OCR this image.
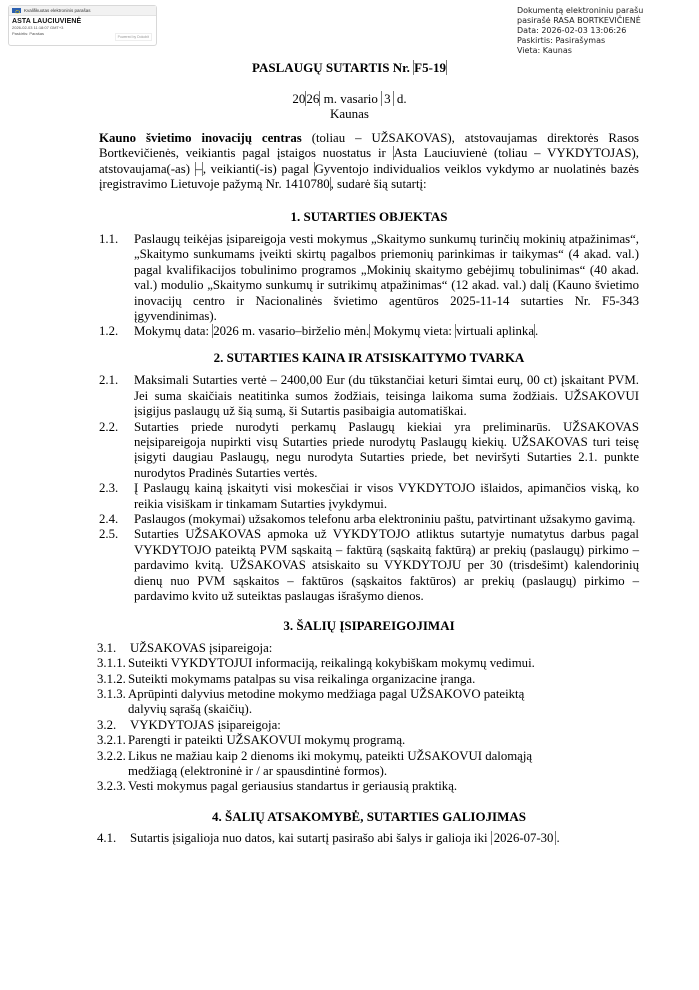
Kvalifikuotas elektroninis parašas
ASTA LAUCIUVIENĖ
2026-02-03 11:18:07 GMT+3
Paskirtis: Parašas
Powered by Dokobit
Dokumentą elektroniniu parašu
pasirašė RASA BORTKEVIČIENĖ
Data: 2026-02-03 13:06:26
Paskirtis: Pasirašymas
Vieta: Kaunas
PASLAUGŲ SUTARTIS Nr. F5-19
2026 m. vasario 3 d.
Kaunas
Kauno švietimo inovacijų centras (toliau – UŽSAKOVAS), atstovaujamas direktorės Rasos Bortkevičienės, veikiantis pagal įstaigos nuostatus ir Asta Lauciuvienė (toliau – VYKDYTOJAS), atstovaujama(-as) –, veikianti(-is) pagal Gyventojo individualios veiklos vykdymo ar nuolatinės bazės įregistravimo Lietuvoje pažymą Nr. 1410780, sudarė šią sutartį:
1. SUTARTIES OBJEKTAS
1.1. Paslaugų teikėjas įsipareigoja vesti mokymus „Skaitymo sunkumų turinčių mokinių atpažinimas“, „Skaitymo sunkumams įveikti skirtų pagalbos priemonių parinkimas ir taikymas“ (4 akad. val.) pagal kvalifikacijos tobulinimo programos „Mokinių skaitymo gebėjimų tobulinimas“ (40 akad. val.) modulio „Skaitymo sunkumų ir sutrikimų atpažinimas“ (12 akad. val.) dalį (Kauno švietimo inovacijų centro ir Nacionalinės švietimo agentūros 2025-11-14 sutarties Nr. F5-343 įgyvendinimas).
1.2. Mokymų data: 2026 m. vasario–birželio mėn. Mokymų vieta: virtuali aplinka.
2. SUTARTIES KAINA IR ATSISKAITYMO TVARKA
2.1. Maksimali Sutarties vertė – 2400,00 Eur (du tūkstančiai keturi šimtai eurų, 00 ct) įskaitant PVM. Jei suma skaičiais neatitinka sumos žodžiais, teisinga laikoma suma žodžiais. UŽSAKOVUI įsigijus paslaugų už šią sumą, ši Sutartis pasibaigia automatiškai.
2.2. Sutarties priede nurodyti perkamų Paslaugų kiekiai yra preliminarūs. UŽSAKOVAS neįsipareigoja nupirkti visų Sutarties priede nurodytų Paslaugų kiekių. UŽSAKOVAS turi teisę įsigyti daugiau Paslaugų, negu nurodyta Sutarties priede, bet neviršyti Sutarties 2.1. punkte nurodytos Pradinės Sutarties vertės.
2.3. Į Paslaugų kainą įskaityti visi mokesčiai ir visos VYKDYTOJO išlaidos, apimančios viską, ko reikia visiškam ir tinkamam Sutarties įvykdymui.
2.4. Paslaugos (mokymai) užsakomos telefonu arba elektroniniu paštu, patvirtinant užsakymo gavimą.
2.5. Sutarties UŽSAKOVAS apmoka už VYKDYTOJO atliktus sutartyje numatytus darbus pagal VYKDYTOJO pateiktą PVM sąskaitą – faktūrą (sąskaitą faktūrą) ar prekių (paslaugų) pirkimo – pardavimo kvitą. UŽSAKOVAS atsiskaito su VYKDYTOJU per 30 (trisdešimt) kalendorinių dienų nuo PVM sąskaitos – faktūros (sąskaitos faktūros) ar prekių (paslaugų) pirkimo – pardavimo kvito už suteiktas paslaugas išrašymo dienos.
3. ŠALIŲ ĮSIPAREIGOJIMAI
3.1. UŽSAKOVAS įsipareigoja:
3.1.1. Suteikti VYKDYTOJUI informaciją, reikalingą kokybiškam mokymų vedimui.
3.1.2. Suteikti mokymams patalpas su visa reikalinga organizacine įranga.
3.1.3. Aprūpinti dalyvius metodine mokymo medžiaga pagal UŽSAKOVO pateiktą dalyvių sąrašą (skaičių).
3.2. VYKDYTOJAS įsipareigoja:
3.2.1. Parengti ir pateikti UŽSAKOVUI mokymų programą.
3.2.2. Likus ne mažiau kaip 2 dienoms iki mokymų, pateikti UŽSAKOVUI dalomąją medžiagą (elektroninė ir / ar spausdintinė formos).
3.2.3. Vesti mokymus pagal geriausius standartus ir geriausią praktiką.
4. ŠALIŲ ATSAKOMYBĖ, SUTARTIES GALIOJIMAS
4.1. Sutartis įsigalioja nuo datos, kai sutartį pasirašo abi šalys ir galioja iki 2026-07-30 .
